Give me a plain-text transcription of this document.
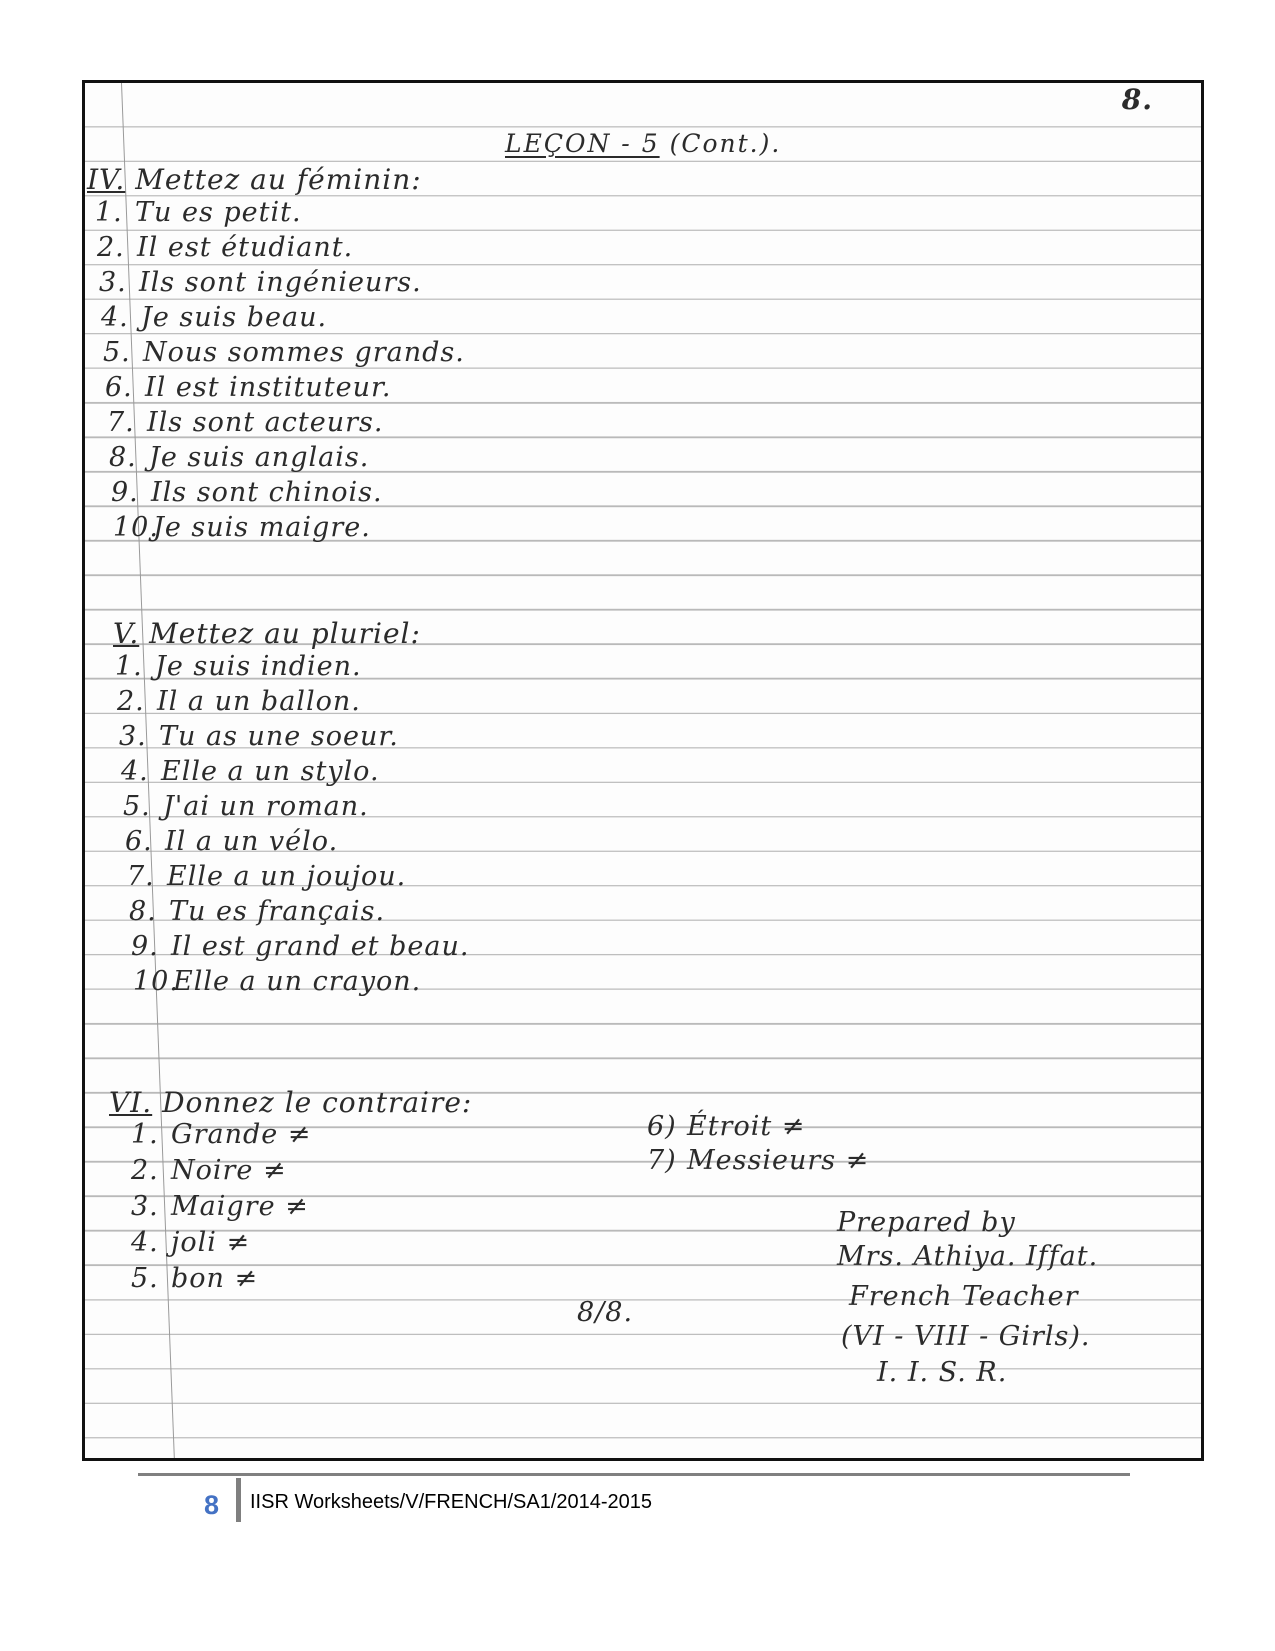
8.
LEÇON - 5 (Cont.).
IV. Mettez au féminin:
1. Tu es petit.
2. Il est étudiant.
3. Ils sont ingénieurs.
4. Je suis beau.
5. Nous sommes grands.
6. Il est instituteur.
7. Ils sont acteurs.
8. Je suis anglais.
9. Ils sont chinois.
10.Je suis maigre.
V. Mettez au pluriel:
1. Je suis indien.
2. Il a un ballon.
3. Tu as une soeur.
4. Elle a un stylo.
5. J'ai un roman.
6. Il a un vélo.
7. Elle a un joujou.
8. Tu es français.
9. Il est grand et beau.
10.Elle a un crayon.
VI. Donnez le contraire:
1. Grande ≠
2. Noire ≠
3. Maigre ≠
4. joli ≠
5. bon ≠
6) Étroit ≠
7) Messieurs ≠
8/8.
Prepared by
Mrs. Athiya. Iffat.
French Teacher
(VI - VIII - Girls).
I. I. S. R.
8 IISR Worksheets/V/FRENCH/SA1/2014-2015
